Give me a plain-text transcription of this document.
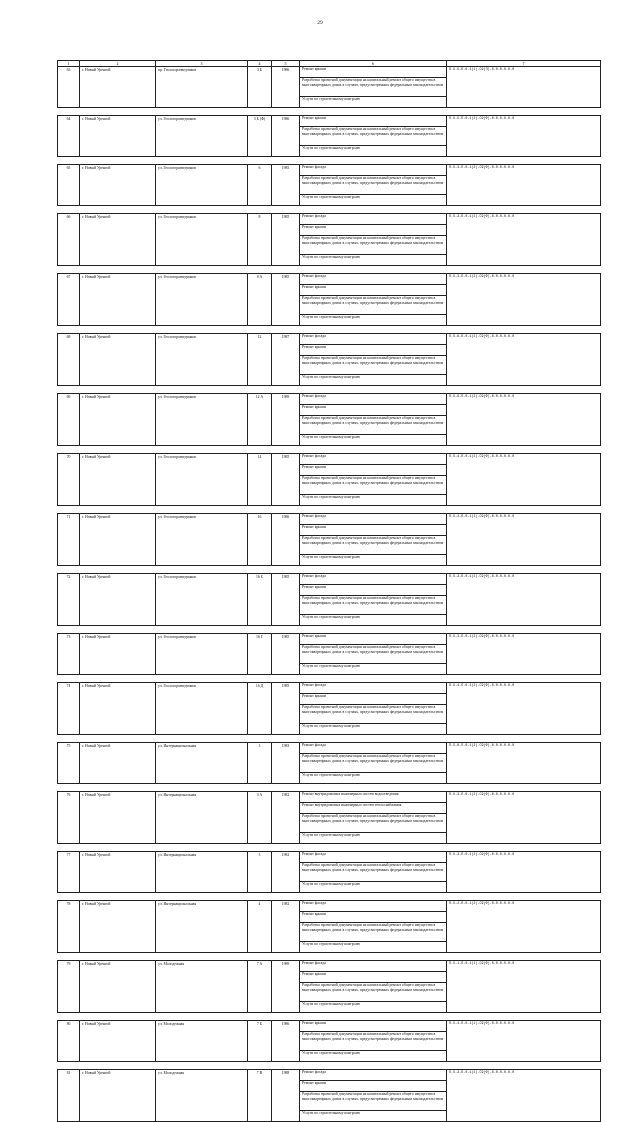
29
1	2	3	4	5	6	7
63	г. Новый Уренгой	пр. Геологоразведчиков	3 Б	1986	Ремонт крыши	П-5-5-П-0-1(1)-С9(П)-0-0-0-0-0-0
					Разработка проектной документации на капитальный ремонт общего имущества в многоквартирных домах в случаях, предусмотренных федеральным законодательством	
					Услуги по строительному контролю	

64	г. Новый Уренгой	ул. Геологоразведчиков	3 Б (Ф)	1986	Ремонт крыши	П-5-5-П-0-1(2)-С9(Ф)-0-0-0-0-0-0
					Разработка проектной документации на капитальный ремонт общего имущества в многоквартирных домах в случаях, предусмотренных федеральным законодательством	
					Услуги по строительному контролю	

65	г. Новый Уренгой	ул. Геологоразведчиков	6	1985	Ремонт фасада	П-5-3-П-0-1(2)-С9(Ф)-0-0-0-0-0-0
					Разработка проектной документации на капитальный ремонт общего имущества в многоквартирных домах в случаях, предусмотренных федеральным законодательством	
					Услуги по строительному контролю	

66	г. Новый Уренгой	ул. Геологоразведчиков	8	1985	Ремонт фасада	П-5-3-П-0-1(1)-С9(Ф)-0-0-0-0-0-0
					Ремонт крыши	
					Разработка проектной документации на капитальный ремонт общего имущества в многоквартирных домах в случаях, предусмотренных федеральным законодательством	
					Услуги по строительному контролю	

67	г. Новый Уренгой	ул. Геологоразведчиков	8 А	1985	Ремонт фасада	П-5-3-П-0-1(2)-С9(Ф)-0-0-0-0-0-0
					Ремонт крыши	
					Разработка проектной документации на капитальный ремонт общего имущества в многоквартирных домах в случаях, предусмотренных федеральным законодательством	
					Услуги по строительному контролю	

68	г. Новый Уренгой	ул. Геологоразведчиков	12	1987	Ремонт фасада	П-5-6-П-0-1(1)-С9(Ф)-0-0-0-0-0-0
					Ремонт крыши	
					Разработка проектной документации на капитальный ремонт общего имущества в многоквартирных домах в случаях, предусмотренных федеральным законодательством	
					Услуги по строительному контролю	

69	г. Новый Уренгой	ул. Геологоразведчиков	12 А	1989	Ремонт фасада	П-5-9-П-0-1(2)-С9(Ф)-0-0-0-0-0-0
					Ремонт крыши	
					Разработка проектной документации на капитальный ремонт общего имущества в многоквартирных домах в случаях, предусмотренных федеральным законодательством	
					Услуги по строительному контролю	

70	г. Новый Уренгой	ул. Геологоразведчиков	14	1985	Ремонт фасада	П-5-4-П-0-1(1)-С9(Ф)-0-0-0-0-0-0
					Ремонт крыши	
					Разработка проектной документации на капитальный ремонт общего имущества в многоквартирных домах в случаях, предусмотренных федеральным законодательством	
					Услуги по строительному контролю	

71	г. Новый Уренгой	ул. Геологоразведчиков	16	1986	Ремонт фасада	П-5-2-П-0-1(1)-С9(Ф)-0-0-0-0-0-0
					Ремонт крыши	
					Разработка проектной документации на капитальный ремонт общего имущества в многоквартирных домах в случаях, предусмотренных федеральным законодательством	
					Услуги по строительному контролю	

72	г. Новый Уренгой	ул. Геологоразведчиков	16 Б	1985	Ремонт фасада	П-5-3-П-0-1(1)-С9(Ф)-0-0-0-0-0-0
					Ремонт крыши	
					Разработка проектной документации на капитальный ремонт общего имущества в многоквартирных домах в случаях, предусмотренных федеральным законодательством	
					Услуги по строительному контролю	

73	г. Новый Уренгой	ул. Геологоразведчиков	16 Г	1985	Ремонт крыши	П-5-3-П-0-1(2)-С9(Ф)-0-0-0-0-0-0
					Разработка проектной документации на капитальный ремонт общего имущества в многоквартирных домах в случаях, предусмотренных федеральным законодательством	
					Услуги по строительному контролю	

74	г. Новый Уренгой	ул. Геологоразведчиков	16 Д	1985	Ремонт фасада	П-5-4-П-0-1(2)-С9(Ф)-0-0-0-0-0-0
					Ремонт крыши	
					Разработка проектной документации на капитальный ремонт общего имущества в многоквартирных домах в случаях, предусмотренных федеральным законодательством	
					Услуги по строительному контролю	

75	г. Новый Уренгой	ул. Интернациональная	3	1983	Ремонт фасада	П-5-8-П-0-1(2)-С9(Ф)-0-0-0-0-0-0
					Разработка проектной документации на капитальный ремонт общего имущества в многоквартирных домах в случаях, предусмотренных федеральным законодательством	
					Услуги по строительному контролю	

76	г. Новый Уренгой	ул. Интернациональная	3 А	1982	Ремонт внутридомовых инженерных систем водоотведения	П-5-3-П-0-1(2)-С9(Ф)-0-0-0-0-0-0
					Ремонт внутридомовых инженерных систем теплоснабжения	
					Разработка проектной документации на капитальный ремонт общего имущества в многоквартирных домах в случаях, предусмотренных федеральным законодательством	
					Услуги по строительному контролю	

77	г. Новый Уренгой	ул. Интернациональная	3	1982	Ремонт фасада	П-5-3-П-0-1(2)-С9(Ф)-0-0-0-0-0-0
					Разработка проектной документации на капитальный ремонт общего имущества в многоквартирных домах в случаях, предусмотренных федеральным законодательством	
					Услуги по строительному контролю	

78	г. Новый Уренгой	ул. Интернациональная	4	1982	Ремонт фасада	П-5-2-П-0-1(2)-С9(Ф)-0-0-0-0-0-0
					Ремонт крыши	
					Разработка проектной документации на капитальный ремонт общего имущества в многоквартирных домах в случаях, предусмотренных федеральным законодательством	
					Услуги по строительному контролю	

79	г. Новый Уренгой	ул. Молодежная	7 А	1989	Ремонт фасада	П-5-1-П-0-1(1)-С9(Ф)-0-0-0-0-0-0
					Ремонт крыши	
					Разработка проектной документации на капитальный ремонт общего имущества в многоквартирных домах в случаях, предусмотренных федеральным законодательством	
					Услуги по строительному контролю	

80	г. Новый Уренгой	ул. Молодежная	7 Б	1986	Ремонт крыши	П-5-4-П-0-1(1)-С9(Ф)-0-0-0-0-0-0
					Разработка проектной документации на капитальный ремонт общего имущества в многоквартирных домах в случаях, предусмотренных федеральным законодательством	
					Услуги по строительному контролю	

81	г. Новый Уренгой	ул. Молодежная	7 В	1988	Ремонт фасада	П-5-3-П-0-1(1)-С9(Ф)-0-0-0-0-0-0
					Ремонт крыши	
					Разработка проектной документации на капитальный ремонт общего имущества в многоквартирных домах в случаях, предусмотренных федеральным законодательством	
					Услуги по строительному контролю	
